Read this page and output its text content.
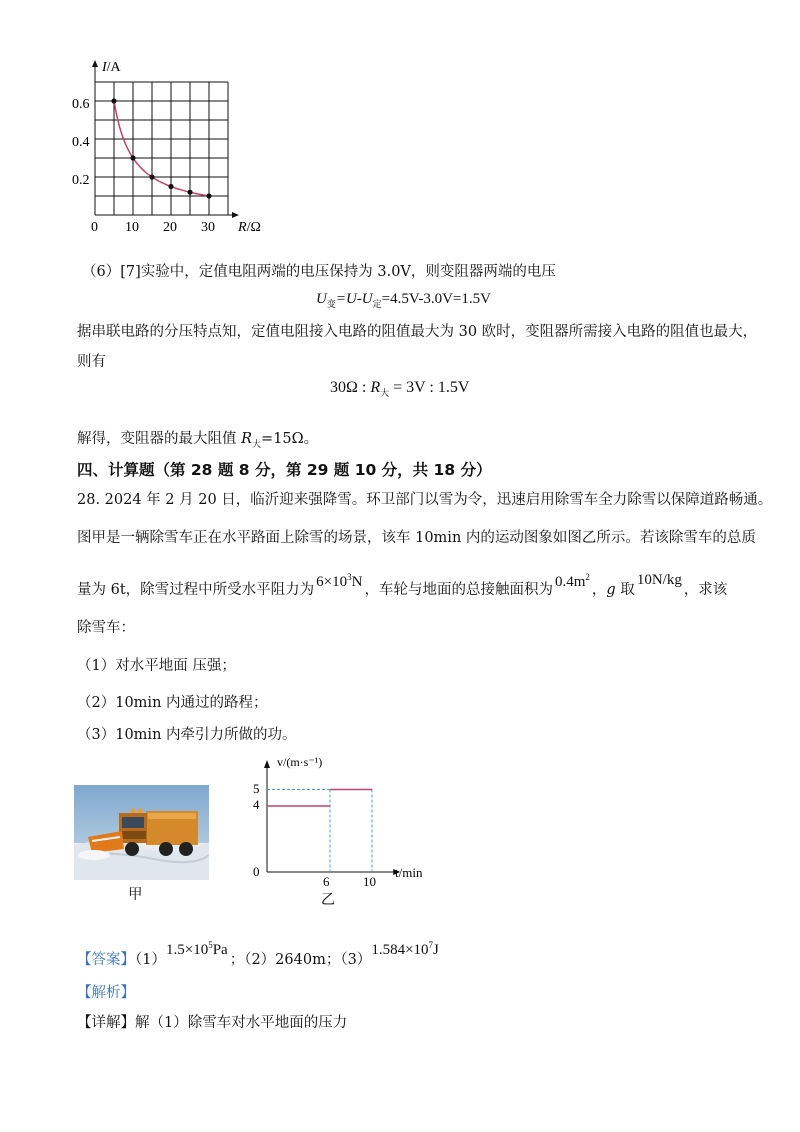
I/A
R/Ω
0.6
0.4
0.2
0 10 20 30
（6）[7]实验中，定值电阻两端的电压保持为 3.0V，则变阻器两端的电压
$U_变=U-U_定=4.5V-3.0V=1.5V$
据串联电路的分压特点知，定值电阻接入电路的阻值最大为 30 欧时，变阻器所需接入电路的阻值也最大，
则有
30Ω : $R_大 = 3V$ : 1.5V
解得，变阻器的最大阻值 $R_大=15\Omega$。
四、计算题（第 28 题 8 分，第 29 题 10 分，共 18 分）
28. 2024 年 2 月 20 日，临沂迎来强降雪。环卫部门以雪为令，迅速启用除雪车全力除雪以保障道路畅通。
图甲是一辆除雪车正在水平路面上除雪的场景，该车 10min 内的运动图象如图乙所示。若该除雪车的总质
量为 6t，除雪过程中所受水平阻力为 $6\times 10^3N$ ，车轮与地面的总接触面积为 $0.4m^2$，g 取10N/kg，求该
除雪车：
（1）对水平地面 压强；
（2）10min 内通过的路程；
（3）10min 内牵引力所做的功。
甲
v/(m·s⁻¹)
t/min
5
4
0
6	10
乙
【答案】$(1)1.5\times 10^5Pa$；（2）2640m；$(3)1.584\times 10^7J$
【解析】
【详解】解（1）除雪车对水平地面的压力
